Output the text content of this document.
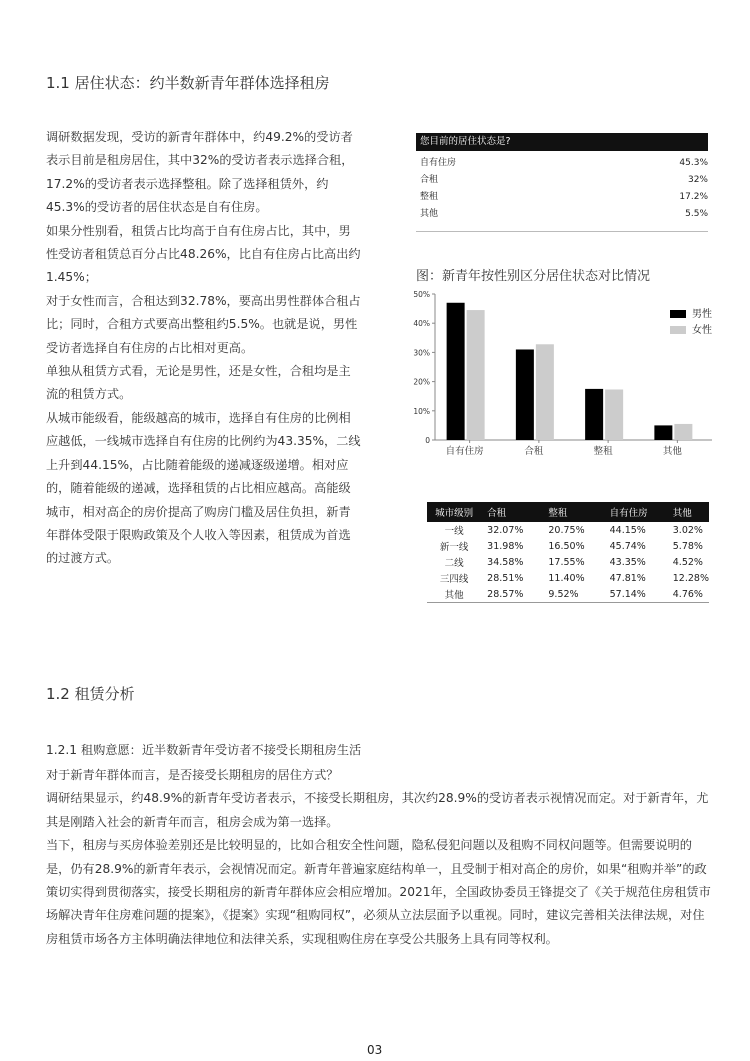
1.1 居住状态：约半数新青年群体选择租房

调研数据发现，受访的新青年群体中，约49.2%的受访者表示目前是租房居住，其中32%的受访者表示选择合租，17.2%的受访者表示选择整租。除了选择租赁外，约45.3%的受访者的居住状态是自有住房。

如果分性别看，租赁占比均高于自有住房占比，其中，男性受访者租赁总百分占比48.26%，比自有住房占比高出约1.45%；

对于女性而言，合租达到32.78%，要高出男性群体合租占比；同时，合租方式要高出整租约5.5%。也就是说，男性受访者选择自有住房的占比相对更高。

单独从租赁方式看，无论是男性，还是女性，合租均是主流的租赁方式。

从城市能级看，能级越高的城市，选择自有住房的比例相应越低，一线城市选择自有住房的比例约为43.35%，二线上升到44.15%，占比随着能级的递减逐级递增。相对应的，随着能级的递减，选择租赁的占比相应越高。高能级城市，相对高企的房价提高了购房门槛及居住负担，新青年群体受限于限购政策及个人收入等因素，租赁成为首选的过渡方式。

您目前的居住状态是?
自有住房	45.3%
合租	32%
整租	17.2%
其他	5.5%
图：新青年按性别区分居住状态对比情况
0
10%
20%
30%
40%
50%
自有住房	合租	整租	其他
男性
女性
城市级别	合租	整租	自有住房	其他
一线	32.07%	20.75%	44.15%	3.02%
新一线	31.98%	16.50%	45.74%	5.78%
二线	34.58%	17.55%	43.35%	4.52%
三四线	28.51%	11.40%	47.81%	12.28%
其他	28.57%	9.52%	57.14%	4.76%
1.2 租赁分析
1.2.1 租购意愿：近半数新青年受访者不接受长期租房生活

对于新青年群体而言，是否接受长期租房的居住方式？

调研结果显示，约48.9%的新青年受访者表示，不接受长期租房，其次约28.9%的受访者表示视情况而定。对于新青年，尤其是刚踏入社会的新青年而言，租房会成为第一选择。

当下，租房与买房体验差别还是比较明显的，比如合租安全性问题，隐私侵犯问题以及租购不同权问题等。但需要说明的是，仍有28.9%的新青年表示，会视情况而定。新青年普遍家庭结构单一，且受制于相对高企的房价，如果“租购并举”的政策切实得到贯彻落实，接受长期租房的新青年群体应会相应增加。2021年，全国政协委员王锋提交了《关于规范住房租赁市场解决青年住房难问题的提案》，《提案》实现“租购同权”，必须从立法层面予以重视。同时，建议完善相关法律法规，对住房租赁市场各方主体明确法律地位和法律关系，实现租购住房在享受公共服务上具有同等权利。

03
